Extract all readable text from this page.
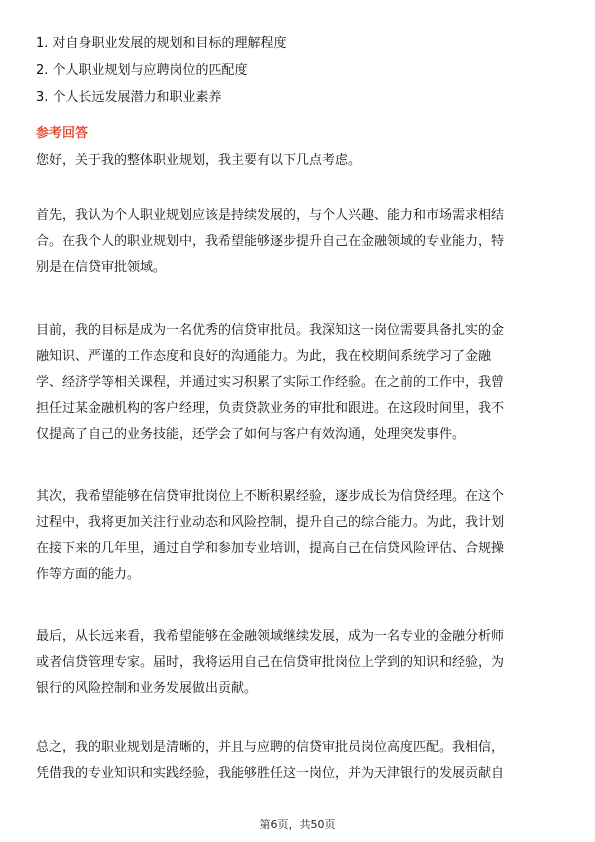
1. 对自身职业发展的规划和目标的理解程度
2. 个人职业规划与应聘岗位的匹配度
3. 个人长远发展潜力和职业素养
参考回答

您好，关于我的整体职业规划，我主要有以下几点考虑。

首先，我认为个人职业规划应该是持续发展的，与个人兴趣、能力和市场需求相结
合。在我个人的职业规划中，我希望能够逐步提升自己在金融领域的专业能力，特
别是在信贷审批领域。

目前，我的目标是成为一名优秀的信贷审批员。我深知这一岗位需要具备扎实的金
融知识、严谨的工作态度和良好的沟通能力。为此，我在校期间系统学习了金融
学、经济学等相关课程，并通过实习积累了实际工作经验。在之前的工作中，我曾
担任过某金融机构的客户经理，负责贷款业务的审批和跟进。在这段时间里，我不
仅提高了自己的业务技能，还学会了如何与客户有效沟通，处理突发事件。

其次，我希望能够在信贷审批岗位上不断积累经验，逐步成长为信贷经理。在这个
过程中，我将更加关注行业动态和风险控制，提升自己的综合能力。为此，我计划
在接下来的几年里，通过自学和参加专业培训，提高自己在信贷风险评估、合规操
作等方面的能力。

最后，从长远来看，我希望能够在金融领域继续发展，成为一名专业的金融分析师
或者信贷管理专家。届时，我将运用自己在信贷审批岗位上学到的知识和经验，为
银行的风险控制和业务发展做出贡献。

总之，我的职业规划是清晰的，并且与应聘的信贷审批员岗位高度匹配。我相信，
凭借我的专业知识和实践经验，我能够胜任这一岗位，并为天津银行的发展贡献自

第6页，共50页
